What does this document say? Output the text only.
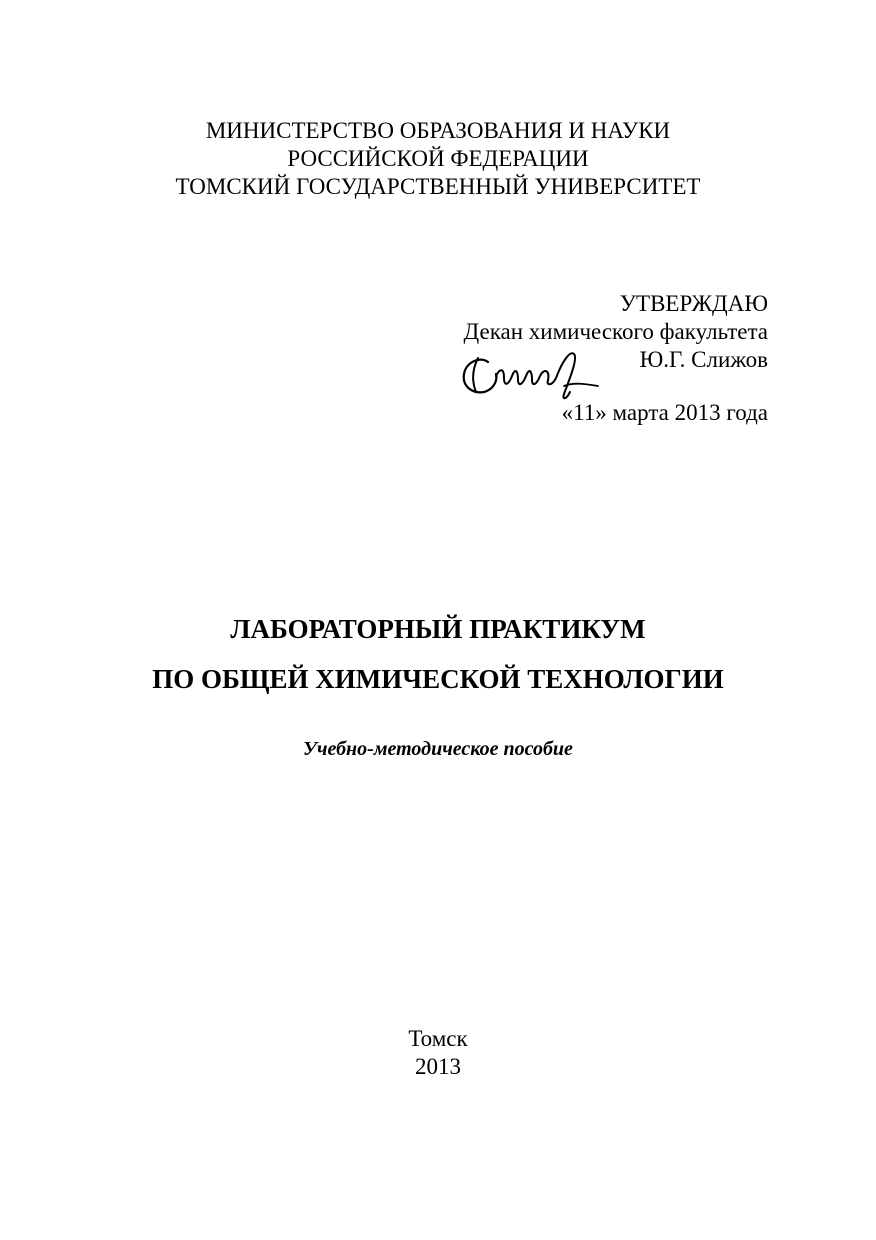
МИНИСТЕРСТВО ОБРАЗОВАНИЯ И НАУКИ
РОССИЙСКОЙ ФЕДЕРАЦИИ
ТОМСКИЙ ГОСУДАРСТВЕННЫЙ УНИВЕРСИТЕТ
УТВЕРЖДАЮ
Декан химического факультета
Ю.Г. Слижов
«11» марта 2013 года
ЛАБОРАТОРНЫЙ ПРАКТИКУМ
ПО ОБЩЕЙ ХИМИЧЕСКОЙ ТЕХНОЛОГИИ
Учебно-методическое пособие
Томск
2013
